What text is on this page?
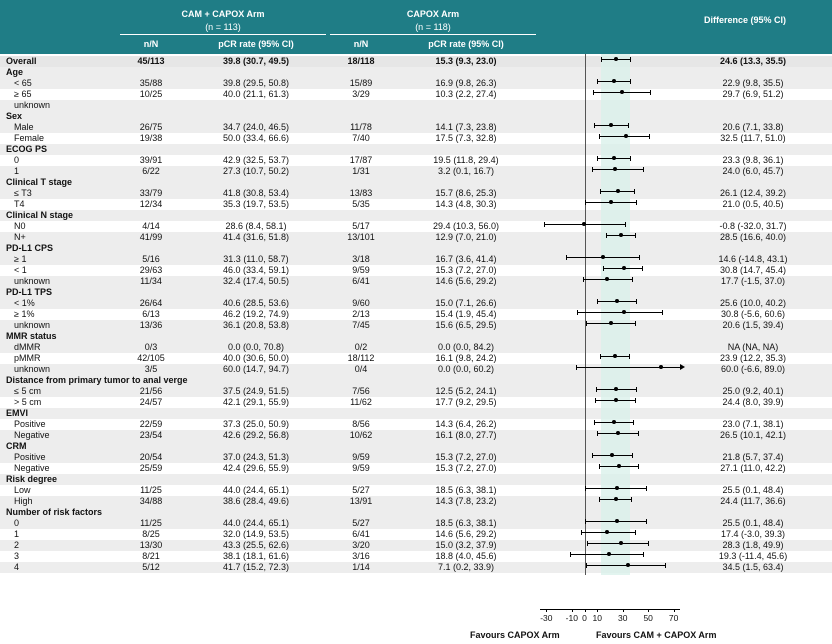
CAM + CAPOX Arm
(n = 113)
CAPOX Arm
(n = 118)
Difference (95% CI)
n/N	pCR rate (95% CI)	n/N	pCR rate (95% CI)
Overall	45/113	39.8 (30.7, 49.5)	18/118	15.3 (9.3, 23.0)	24.6 (13.3, 35.5)
Age
< 65	35/88	39.8 (29.5, 50.8)	15/89	16.9 (9.8, 26.3)	22.9 (9.8, 35.5)
≥ 65	10/25	40.0 (21.1, 61.3)	3/29	10.3 (2.2, 27.4)	29.7 (6.9, 51.2)
unknown
Sex
Male	26/75	34.7 (24.0, 46.5)	11/78	14.1 (7.3, 23.8)	20.6 (7.1, 33.8)
Female	19/38	50.0 (33.4, 66.6)	7/40	17.5 (7.3, 32.8)	32.5 (11.7, 51.0)
ECOG PS
0	39/91	42.9 (32.5, 53.7)	17/87	19.5 (11.8, 29.4)	23.3 (9.8, 36.1)
1	6/22	27.3 (10.7, 50.2)	1/31	3.2 (0.1, 16.7)	24.0 (6.0, 45.7)
Clinical T stage
≤ T3	33/79	41.8 (30.8, 53.4)	13/83	15.7 (8.6, 25.3)	26.1 (12.4, 39.2)
T4	12/34	35.3 (19.7, 53.5)	5/35	14.3 (4.8, 30.3)	21.0 (0.5, 40.5)
Clinical N stage
N0	4/14	28.6 (8.4, 58.1)	5/17	29.4 (10.3, 56.0)	-0.8 (-32.0, 31.7)
N+	41/99	41.4 (31.6, 51.8)	13/101	12.9 (7.0, 21.0)	28.5 (16.6, 40.0)
PD-L1 CPS
≥ 1	5/16	31.3 (11.0, 58.7)	3/18	16.7 (3.6, 41.4)	14.6 (-14.8, 43.1)
< 1	29/63	46.0 (33.4, 59.1)	9/59	15.3 (7.2, 27.0)	30.8 (14.7, 45.4)
unknown	11/34	32.4 (17.4, 50.5)	6/41	14.6 (5.6, 29.2)	17.7 (-1.5, 37.0)
PD-L1 TPS
< 1%	26/64	40.6 (28.5, 53.6)	9/60	15.0 (7.1, 26.6)	25.6 (10.0, 40.2)
≥ 1%	6/13	46.2 (19.2, 74.9)	2/13	15.4 (1.9, 45.4)	30.8 (-5.6, 60.6)
unknown	13/36	36.1 (20.8, 53.8)	7/45	15.6 (6.5, 29.5)	20.6 (1.5, 39.4)
MMR status
dMMR	0/3	0.0 (0.0, 70.8)	0/2	0.0 (0.0, 84.2)	NA (NA, NA)
pMMR	42/105	40.0 (30.6, 50.0)	18/112	16.1 (9.8, 24.2)	23.9 (12.2, 35.3)
unknown	3/5	60.0 (14.7, 94.7)	0/4	0.0 (0.0, 60.2)	60.0 (-6.6, 89.0)
Distance from primary tumor to anal verge
≤ 5 cm	21/56	37.5 (24.9, 51.5)	7/56	12.5 (5.2, 24.1)	25.0 (9.2, 40.1)
> 5 cm	24/57	42.1 (29.1, 55.9)	11/62	17.7 (9.2, 29.5)	24.4 (8.0, 39.9)
EMVI
Positive	22/59	37.3 (25.0, 50.9)	8/56	14.3 (6.4, 26.2)	23.0 (7.1, 38.1)
Negative	23/54	42.6 (29.2, 56.8)	10/62	16.1 (8.0, 27.7)	26.5 (10.1, 42.1)
CRM
Positive	20/54	37.0 (24.3, 51.3)	9/59	15.3 (7.2, 27.0)	21.8 (5.7, 37.4)
Negative	25/59	42.4 (29.6, 55.9)	9/59	15.3 (7.2, 27.0)	27.1 (11.0, 42.2)
Risk degree
Low	11/25	44.0 (24.4, 65.1)	5/27	18.5 (6.3, 38.1)	25.5 (0.1, 48.4)
High	34/88	38.6 (28.4, 49.6)	13/91	14.3 (7.8, 23.2)	24.4 (11.7, 36.6)
Number of risk factors
0	11/25	44.0 (24.4, 65.1)	5/27	18.5 (6.3, 38.1)	25.5 (0.1, 48.4)
1	8/25	32.0 (14.9, 53.5)	6/41	14.6 (5.6, 29.2)	17.4 (-3.0, 39.3)
2	13/30	43.3 (25.5, 62.6)	3/20	15.0 (3.2, 37.9)	28.3 (1.8, 49.9)
3	8/21	38.1 (18.1, 61.6)	3/16	18.8 (4.0, 45.6)	19.3 (-11.4, 45.6)
4	5/12	41.7 (15.2, 72.3)	1/14	7.1 (0.2, 33.9)	34.5 (1.5, 63.4)
-30	-10 0 10	30	50	70
Favours CAPOX Arm	Favours CAM + CAPOX Arm
